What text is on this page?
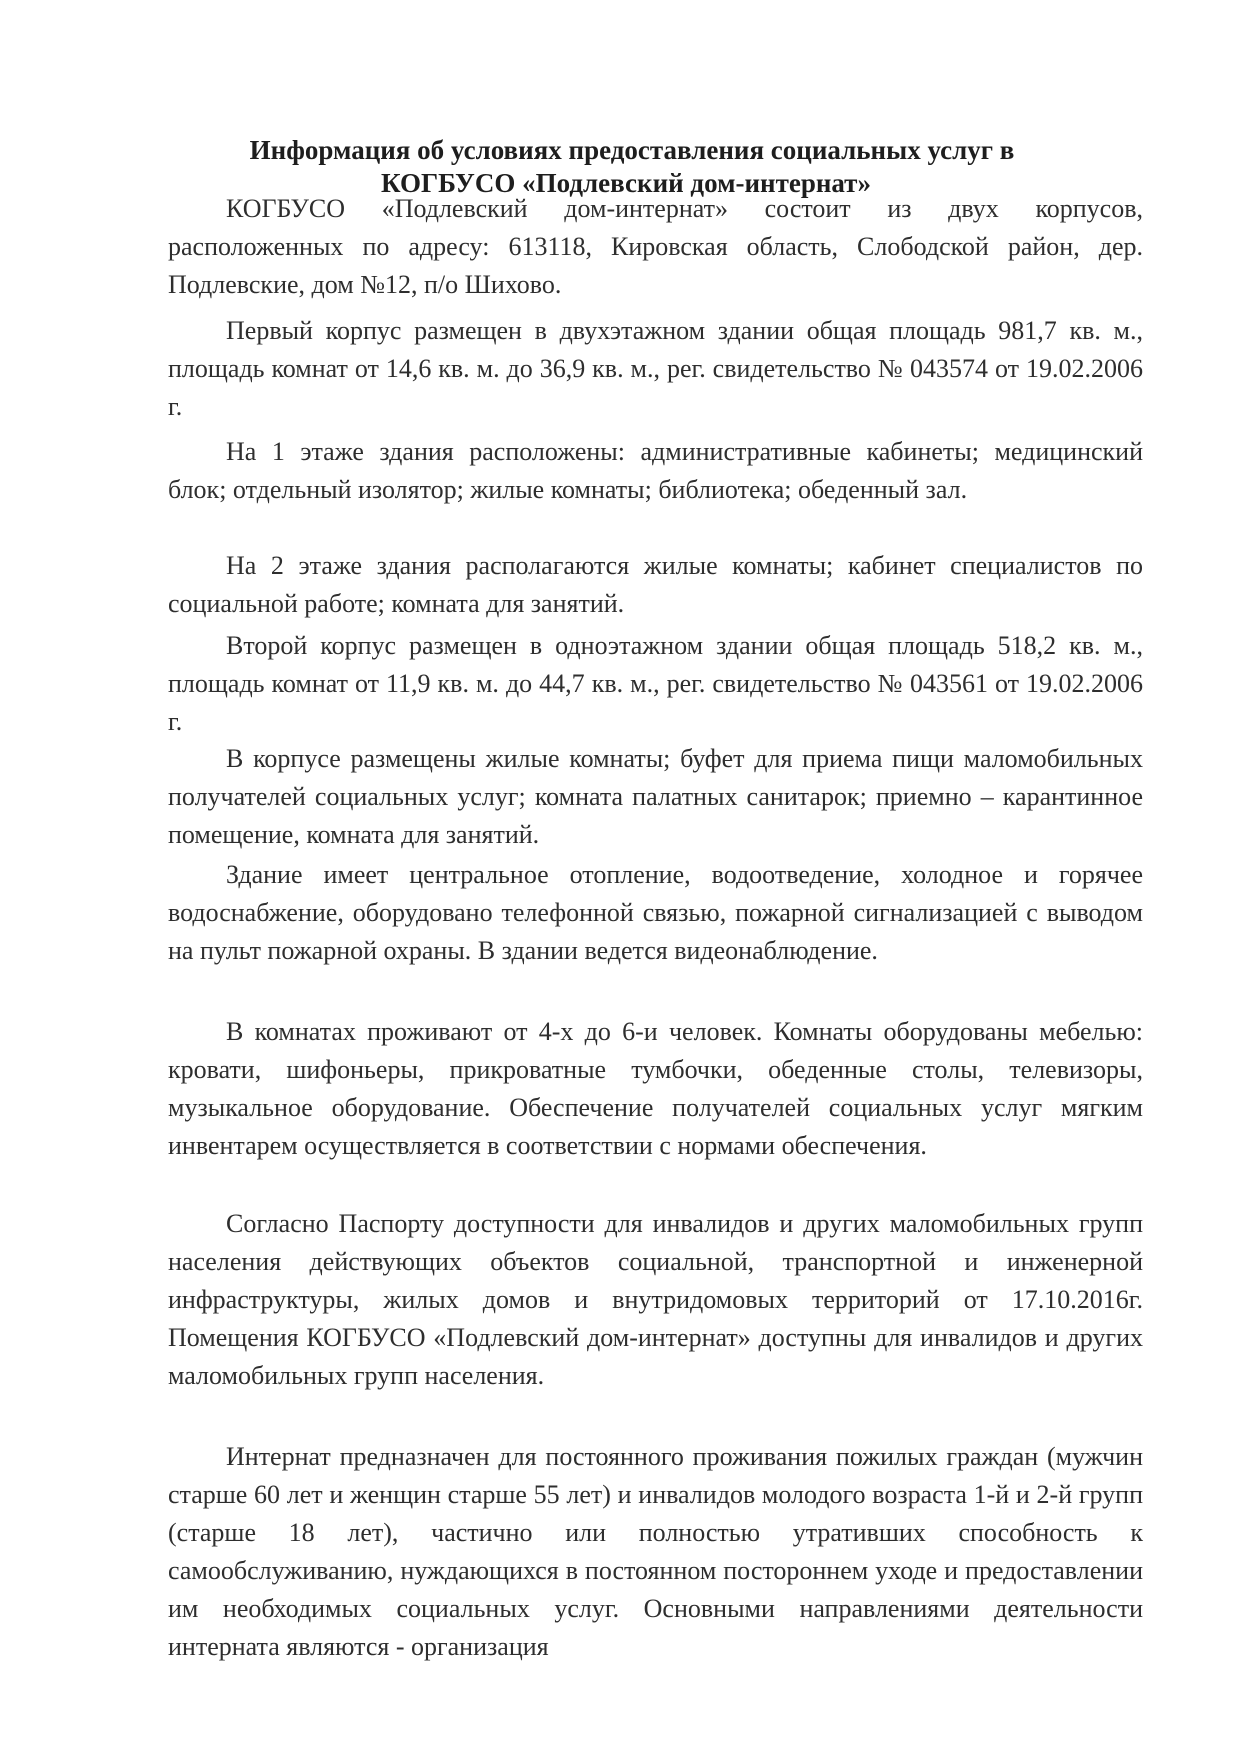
Информация об условиях предоставления социальных услуг в
КОГБУСО «Подлевский дом-интернат»

КОГБУСО «Подлевский дом-интернат» состоит из двух корпусов, расположенных по адресу: 613118, Кировская область, Слободской район, дер. Подлевские, дом №12, п/о Шихово.

Первый корпус размещен в двухэтажном здании общая площадь 981,7 кв. м., площадь комнат от 14,6 кв. м. до 36,9 кв. м., рег. свидетельство № 043574 от 19.02.2006 г.

На 1 этаже здания расположены: административные кабинеты; медицинский блок; отдельный изолятор; жилые комнаты; библиотека; обеденный зал.

На 2 этаже здания располагаются жилые комнаты; кабинет специалистов по социальной работе; комната для занятий.

Второй корпус размещен в одноэтажном здании общая площадь 518,2 кв. м., площадь комнат от 11,9 кв. м. до 44,7 кв. м., рег. свидетельство № 043561 от 19.02.2006 г.

В корпусе размещены жилые комнаты; буфет для приема пищи маломобильных получателей социальных услуг; комната палатных санитарок; приемно – карантинное помещение, комната для занятий.

Здание имеет центральное отопление, водоотведение, холодное и горячее водоснабжение, оборудовано телефонной связью, пожарной сигнализацией с выводом на пульт пожарной охраны. В здании ведется видеонаблюдение.

В комнатах проживают от 4-х до 6-и человек. Комнаты оборудованы мебелью: кровати, шифоньеры, прикроватные тумбочки, обеденные столы, телевизоры, музыкальное оборудование. Обеспечение получателей социальных услуг мягким инвентарем осуществляется в соответствии с нормами обеспечения.

Согласно Паспорту доступности для инвалидов и других маломобильных групп населения действующих объектов социальной, транспортной и инженерной инфраструктуры, жилых домов и внутридомовых территорий от 17.10.2016г. Помещения КОГБУСО «Подлевский дом-интернат» доступны для инвалидов и других маломобильных групп населения.

Интернат предназначен для постоянного проживания пожилых граждан (мужчин старше 60 лет и женщин старше 55 лет) и инвалидов молодого возраста 1-й и 2-й групп (старше 18 лет), частично или полностью утративших способность к самообслуживанию, нуждающихся в постоянном постороннем уходе и предоставлении им необходимых социальных услуг. Основными направлениями деятельности интерната являются - организация
